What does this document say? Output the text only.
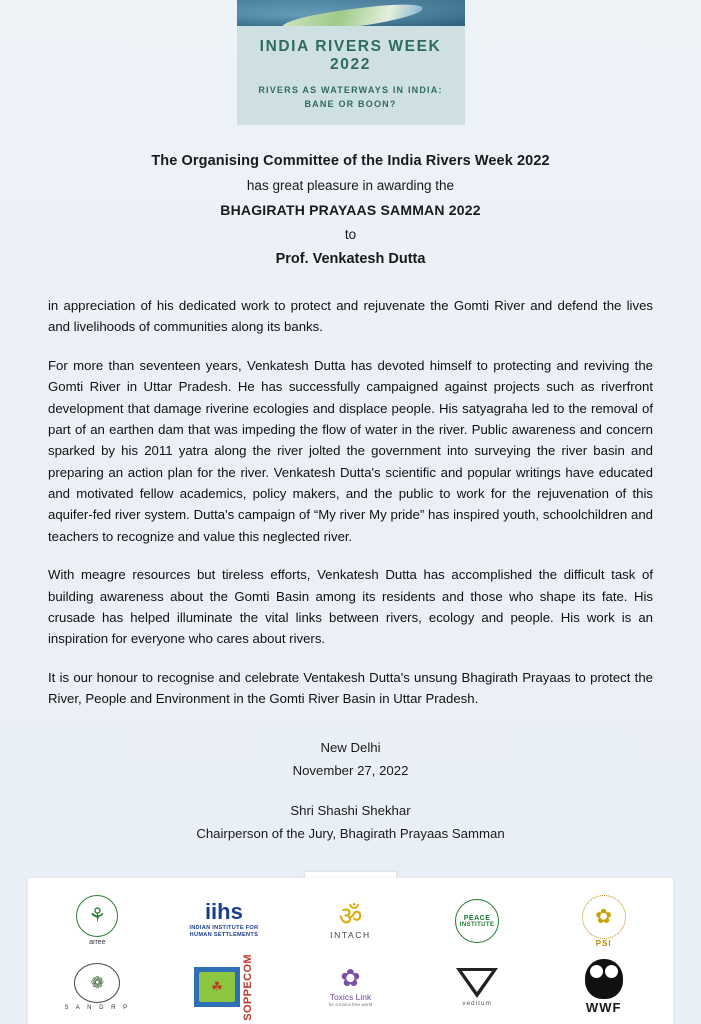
INDIA RIVERS WEEK 2022
RIVERS AS WATERWAYS IN INDIA:
BANE OR BOON?
The Organising Committee of the India Rivers Week 2022
has great pleasure in awarding the
BHAGIRATH PRAYAAS SAMMAN 2022
to
Prof. Venkatesh Dutta

in appreciation of his dedicated work to protect and rejuvenate the Gomti River and defend the lives and livelihoods of communities along its banks.

For more than seventeen years, Venkatesh Dutta has devoted himself to protecting and reviving the Gomti River in Uttar Pradesh. He has successfully campaigned against projects such as riverfront development that damage riverine ecologies and displace people. His satyagraha led to the removal of part of an earthen dam that was impeding the flow of water in the river. Public awareness and concern sparked by his 2011 yatra along the river jolted the government into surveying the river basin and preparing an action plan for the river. Venkatesh Dutta's scientific and popular writings have educated and motivated fellow academics, policy makers, and the public to work for the rejuvenation of this aquifer-fed river system. Dutta's campaign of “My river My pride” has inspired youth, schoolchildren and teachers to recognize and value this neglected river.

With meagre resources but tireless efforts, Venkatesh Dutta has accomplished the difficult task of building awareness about the Gomti Basin among its residents and those who shape its fate. His crusade has helped illuminate the vital links between rivers, ecology and people. His work is an inspiration for everyone who cares about rivers.

It is our honour to recognise and celebrate Ventakesh Dutta's unsung Bhagirath Prayaas to protect the River, People and Environment in the Gomti River Basin in Uttar Pradesh.

New Delhi
November 27, 2022
Shri Shashi Shekhar
Chairperson of the Jury, Bhagirath Prayaas Samman
⚘
arree
iihs
INDIAN INSTITUTE FOR
HUMAN SETTLEMENTS
ॐ
INTACH
PEACE
INSTITUTE	✿
PSI
❁
S A N D R P
☘	SOPPECOM	✿
Toxics Link
for a toxics free world	veditum	WWF
